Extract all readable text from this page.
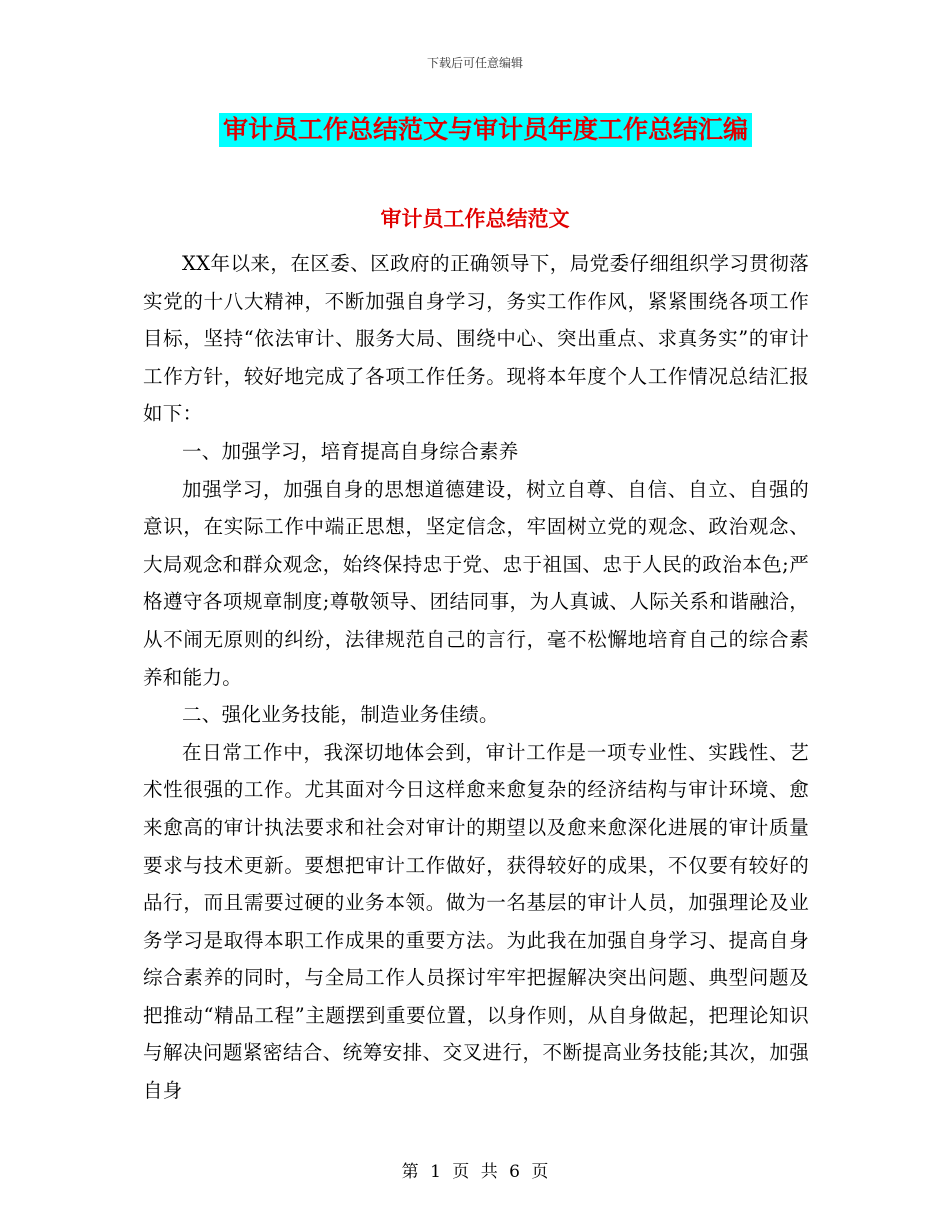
下载后可任意编辑
审计员工作总结范文与审计员年度工作总结汇编
审计员工作总结范文

XX年以来，在区委、区政府的正确领导下，局党委仔细组织学习贯彻落实党的十八大精神，不断加强自身学习，务实工作作风，紧紧围绕各项工作目标，坚持“依法审计、服务大局、围绕中心、突出重点、求真务实”的审计工作方针，较好地完成了各项工作任务。现将本年度个人工作情况总结汇报如下：

一、加强学习，培育提高自身综合素养

加强学习，加强自身的思想道德建设，树立自尊、自信、自立、自强的意识，在实际工作中端正思想，坚定信念，牢固树立党的观念、政治观念、大局观念和群众观念，始终保持忠于党、忠于祖国、忠于人民的政治本色;严格遵守各项规章制度;尊敬领导、团结同事，为人真诚、人际关系和谐融洽，从不闹无原则的纠纷，法律规范自己的言行，毫不松懈地培育自己的综合素养和能力。

二、强化业务技能，制造业务佳绩。

在日常工作中，我深切地体会到，审计工作是一项专业性、实践性、艺术性很强的工作。尤其面对今日这样愈来愈复杂的经济结构与审计环境、愈来愈高的审计执法要求和社会对审计的期望以及愈来愈深化进展的审计质量要求与技术更新。要想把审计工作做好，获得较好的成果，不仅要有较好的品行，而且需要过硬的业务本领。做为一名基层的审计人员，加强理论及业务学习是取得本职工作成果的重要方法。为此我在加强自身学习、提高自身综合素养的同时，与全局工作人员探讨牢牢把握解决突出问题、典型问题及把推动“精品工程”主题摆到重要位置，以身作则，从自身做起，把理论知识与解决问题紧密结合、统筹安排、交叉进行，不断提高业务技能;其次，加强自身

第 1 页 共 6 页
